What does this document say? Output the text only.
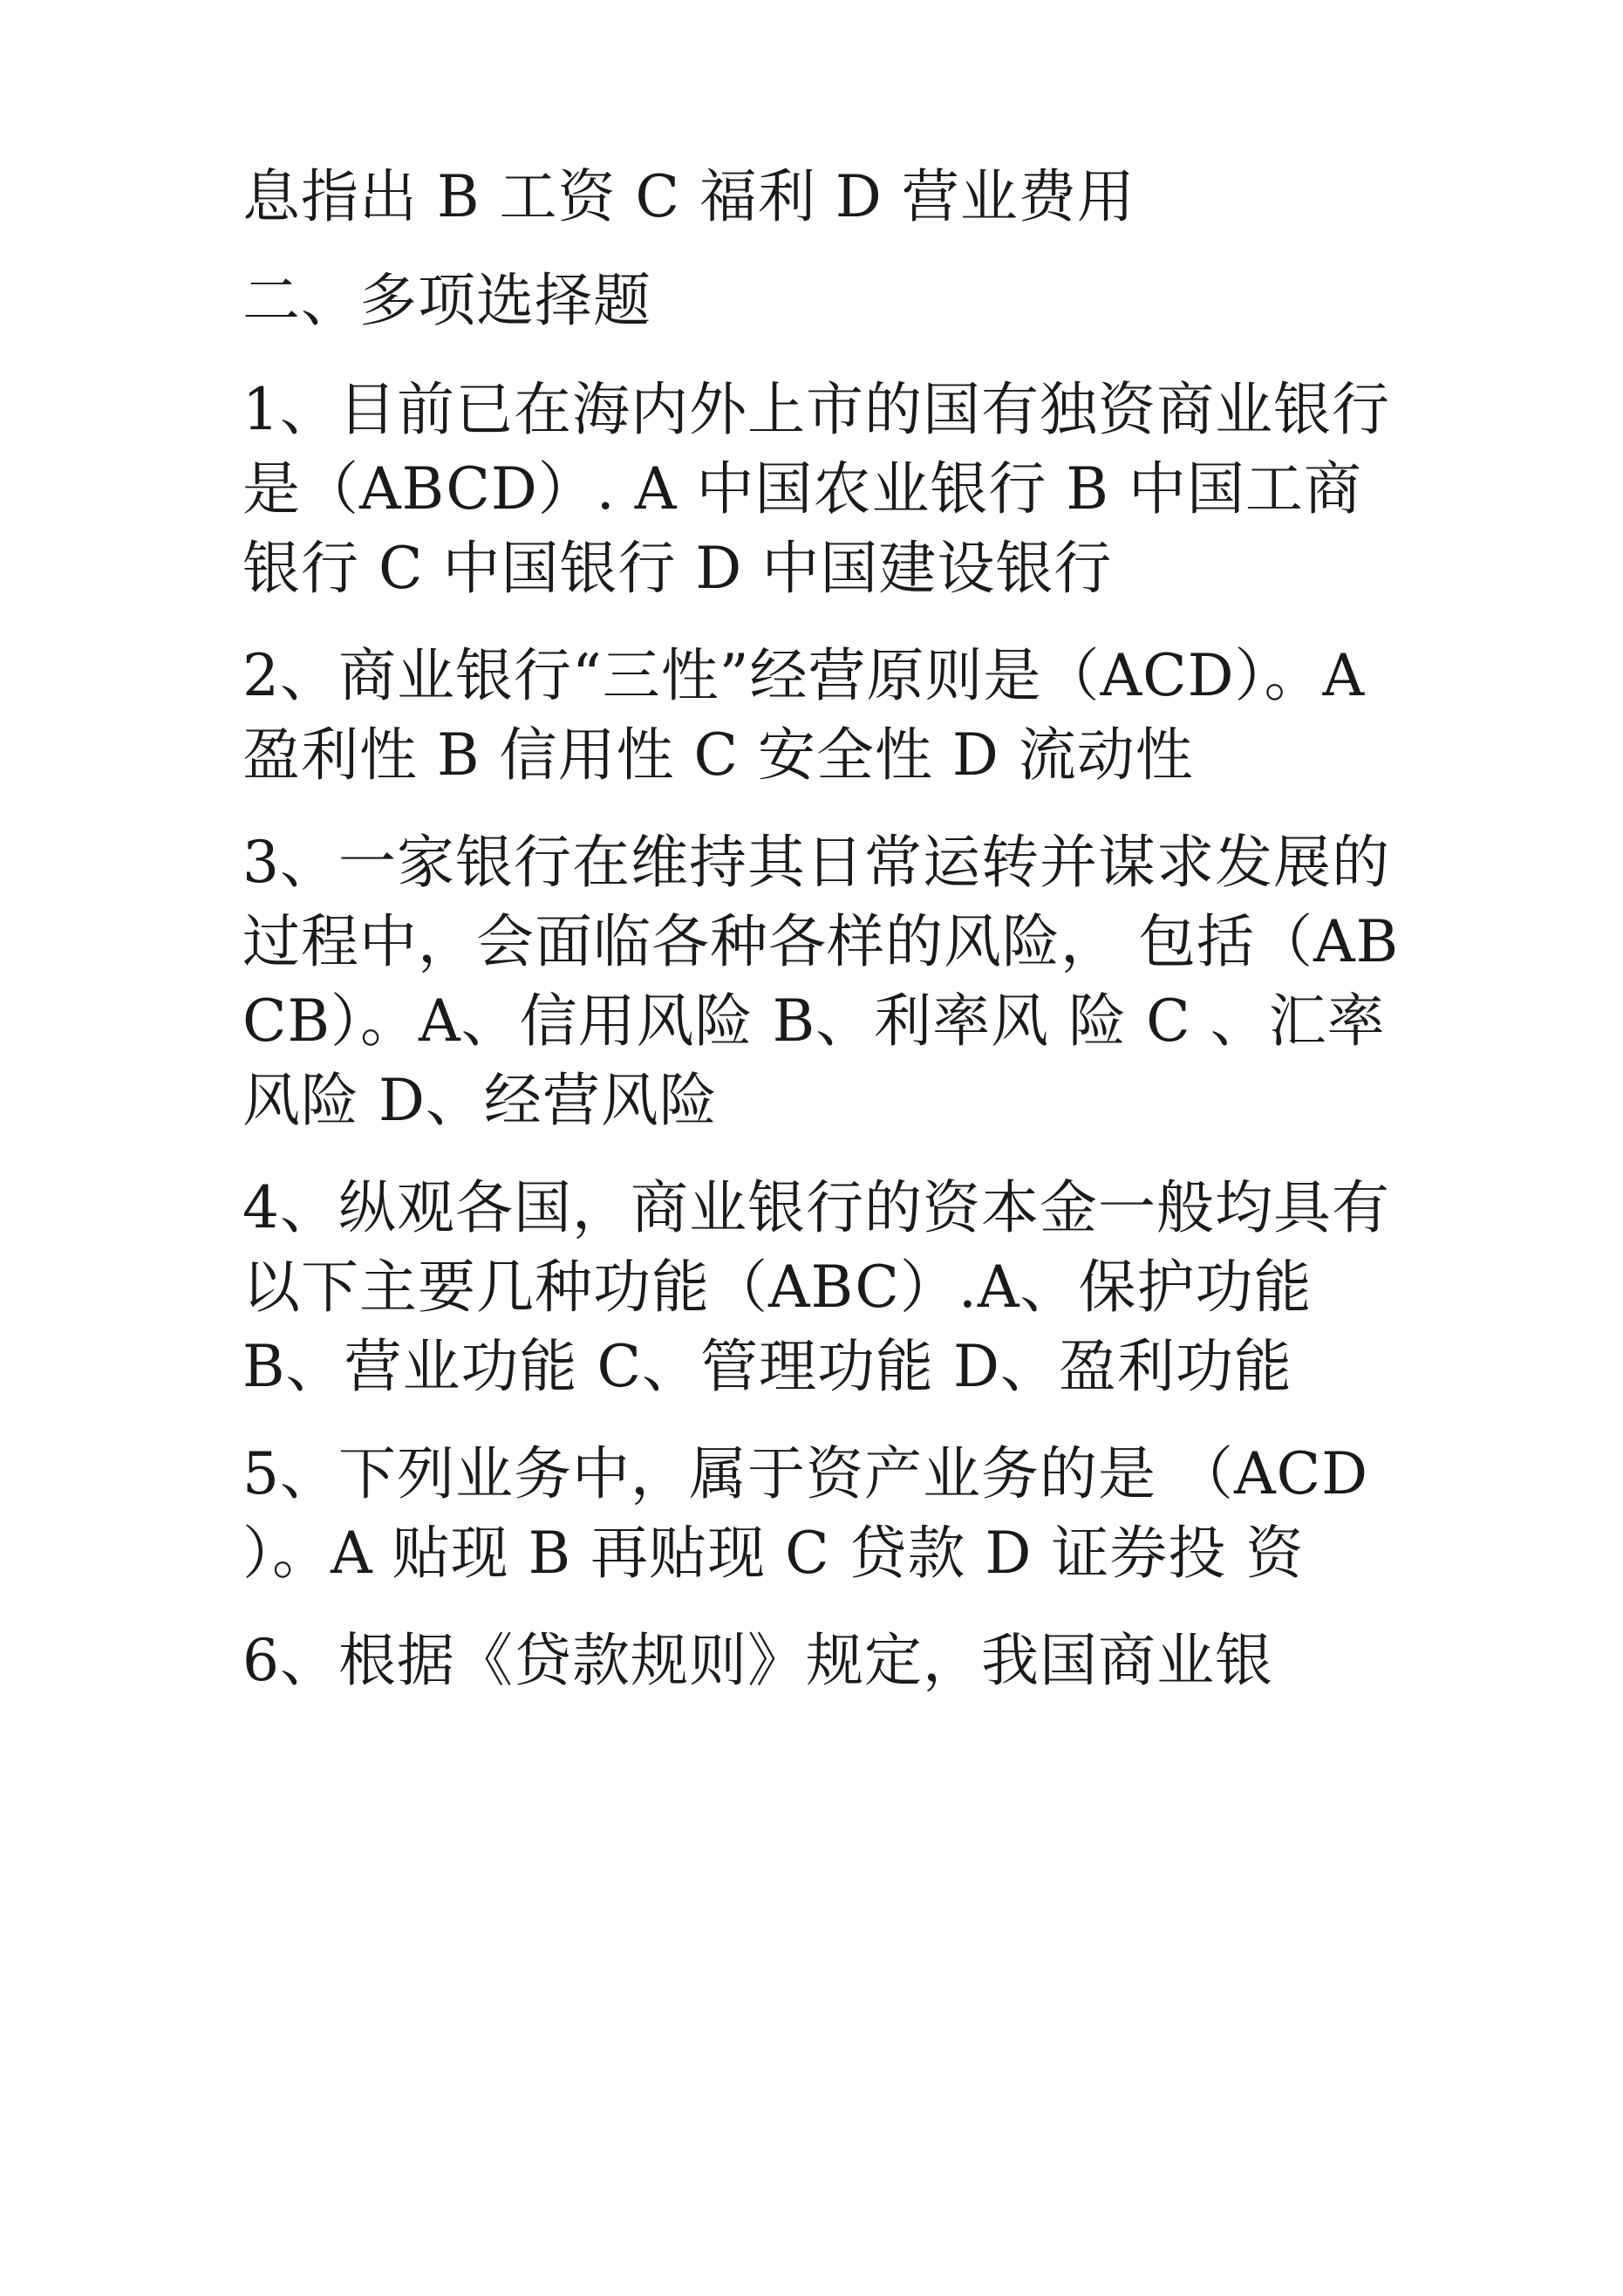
息指出 B 工资 C 福利 D 营业费用

二、多项选择题

1、目前已在海内外上市的国有独资商业银行是（ABCD）. A 中国农业银行 B 中国工商银行 C 中国银行 D 中国建设银行

2、商业银行“三性”经营原则是（ACD）。A 盈利性 B 信用性 C 安全性 D 流动性

3、一家银行在维持其日常运转并谋求发展的过程中，会面临各种各样的风险， 包括（ABCB）。A、信用风险 B、利率风 险 C 、汇率风险 D、经营风险

4、纵观各国，商业银行的资本金一般均具有以下主要几种功能（ABC）.A、保护功能 B、营业功能 C、管理功能 D、盈利功能

5、下列业务中，属于资产业务的是 （ACD ）。A 贴现 B 再贴现 C 贷款 D 证券投 资

6、根据《贷款规则》规定，我国商业银
